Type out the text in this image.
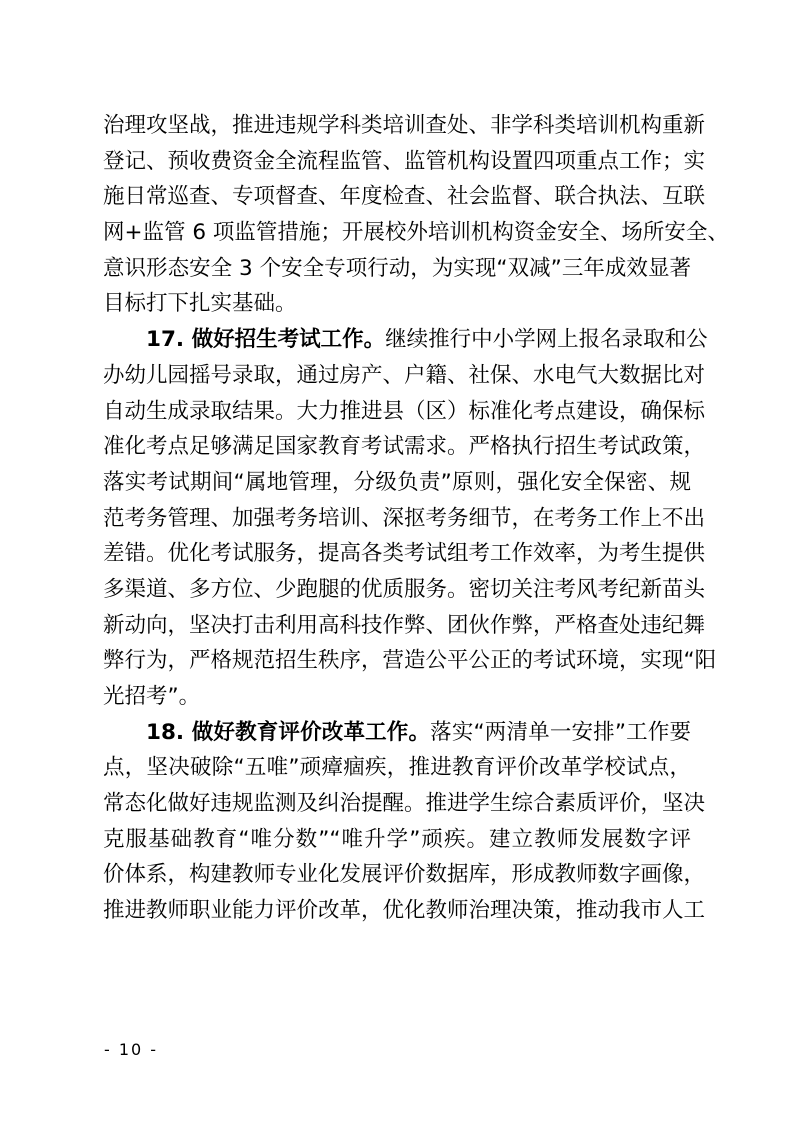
治理攻坚战，推进违规学科类培训查处、非学科类培训机构重新
登记、预收费资金全流程监管、监管机构设置四项重点工作；实
施日常巡查、专项督查、年度检查、社会监督、联合执法、互联
网+监管 6 项监管措施；开展校外培训机构资金安全、场所安全、
意识形态安全 3 个安全专项行动，为实现“双减”三年成效显著
目标打下扎实基础。
17. 做好招生考试工作。继续推行中小学网上报名录取和公
办幼儿园摇号录取，通过房产、户籍、社保、水电气大数据比对
自动生成录取结果。大力推进县（区）标准化考点建设，确保标
准化考点足够满足国家教育考试需求。严格执行招生考试政策，
落实考试期间“属地管理，分级负责”原则，强化安全保密、规
范考务管理、加强考务培训、深抠考务细节，在考务工作上不出
差错。优化考试服务，提高各类考试组考工作效率，为考生提供
多渠道、多方位、少跑腿的优质服务。密切关注考风考纪新苗头
新动向，坚决打击利用高科技作弊、团伙作弊，严格查处违纪舞
弊行为，严格规范招生秩序，营造公平公正的考试环境，实现“阳
光招考”。
18. 做好教育评价改革工作。落实“两清单一安排”工作要
点，坚决破除“五唯”顽瘴痼疾，推进教育评价改革学校试点，
常态化做好违规监测及纠治提醒。推进学生综合素质评价，坚决
克服基础教育“唯分数”“唯升学”顽疾。建立教师发展数字评
价体系，构建教师专业化发展评价数据库，形成教师数字画像，
推进教师职业能力评价改革，优化教师治理决策，推动我市人工
- 10 -
